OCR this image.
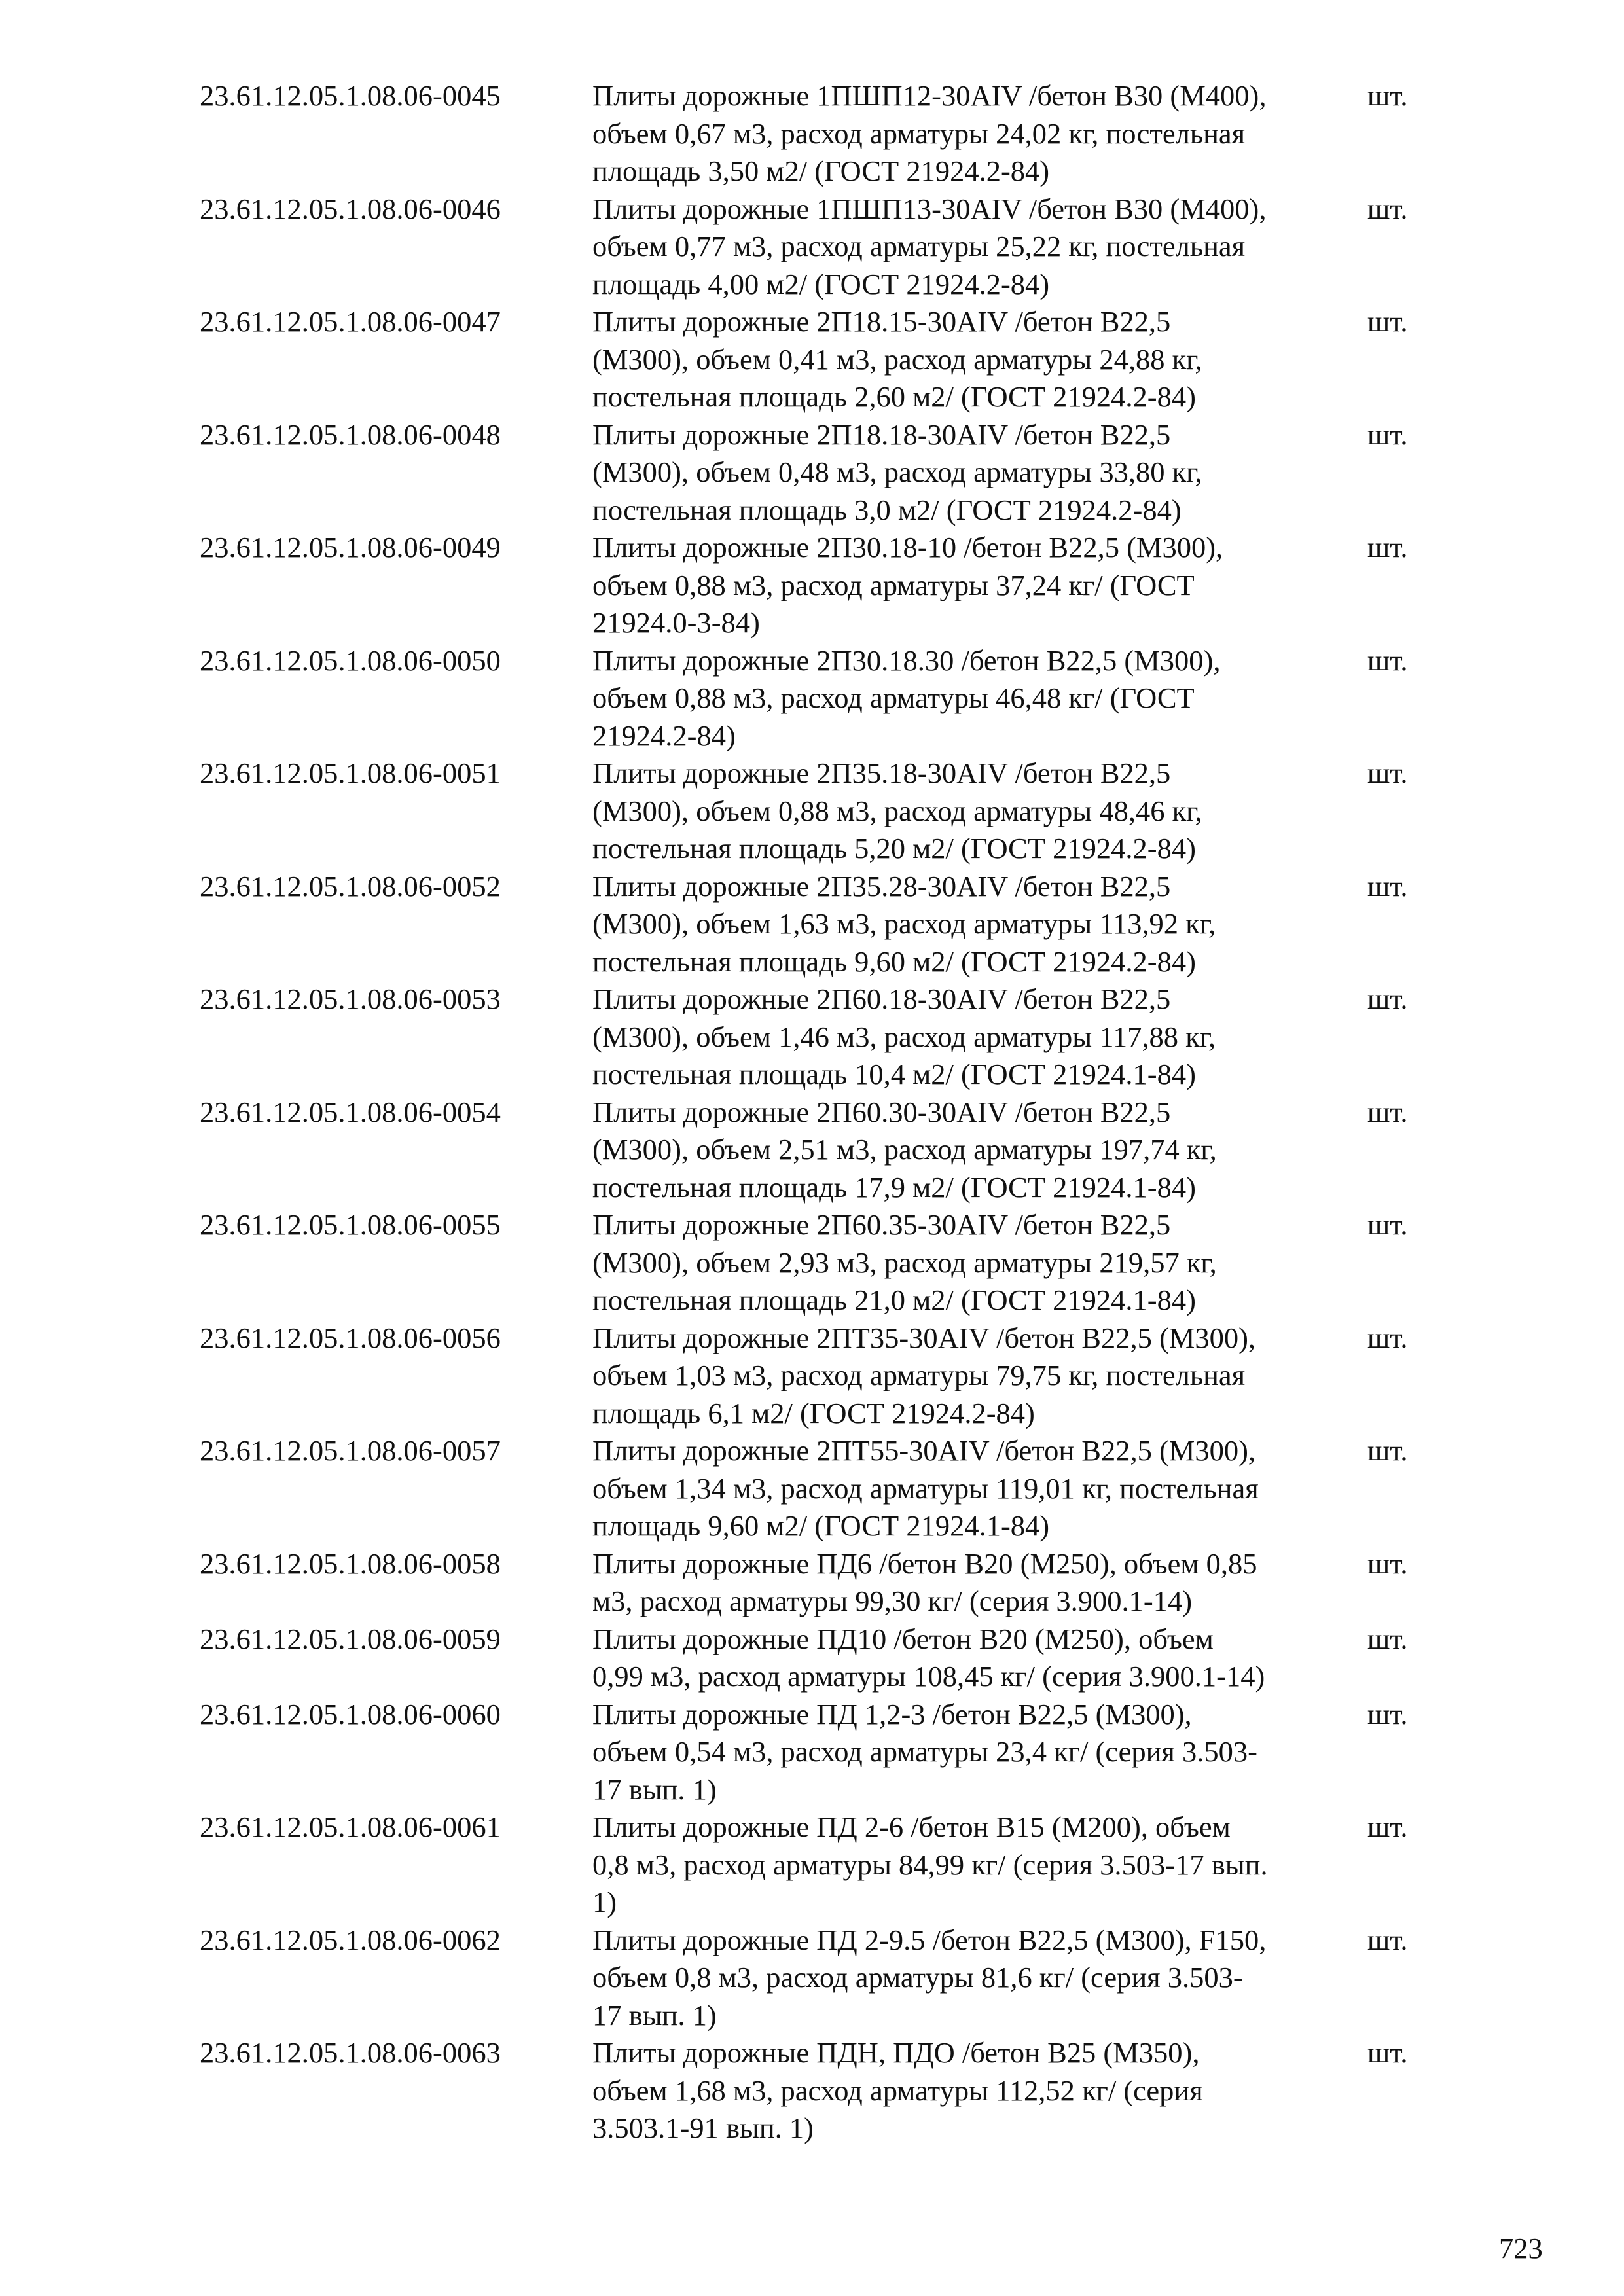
23.61.12.05.1.08.06-0045	Плиты дорожные 1ПШП12-30AIV /бетон B30 (М400),
объем 0,67 м3, расход арматуры 24,02 кг, постельная
площадь 3,50 м2/ (ГОСТ 21924.2-84)
шт.
23.61.12.05.1.08.06-0046	Плиты дорожные 1ПШП13-30AIV /бетон B30 (М400),
объем 0,77 м3, расход арматуры 25,22 кг, постельная
площадь 4,00 м2/ (ГОСТ 21924.2-84)
шт.
23.61.12.05.1.08.06-0047	Плиты дорожные 2П18.15-30AIV /бетон B22,5
(М300), объем 0,41 м3, расход арматуры 24,88 кг,
постельная площадь 2,60 м2/ (ГОСТ 21924.2-84)
шт.
23.61.12.05.1.08.06-0048	Плиты дорожные 2П18.18-30AIV /бетон B22,5
(М300), объем 0,48 м3, расход арматуры 33,80 кг,
постельная площадь 3,0 м2/ (ГОСТ 21924.2-84)
шт.
23.61.12.05.1.08.06-0049	Плиты дорожные 2П30.18-10 /бетон B22,5 (М300),
объем 0,88 м3, расход арматуры 37,24 кг/ (ГОСТ
21924.0-3-84)
шт.
23.61.12.05.1.08.06-0050	Плиты дорожные 2П30.18.30 /бетон B22,5 (М300),
объем 0,88 м3, расход арматуры 46,48 кг/ (ГОСТ
21924.2-84)
шт.
23.61.12.05.1.08.06-0051	Плиты дорожные 2П35.18-30AIV /бетон B22,5
(М300), объем 0,88 м3, расход арматуры 48,46 кг,
постельная площадь 5,20 м2/ (ГОСТ 21924.2-84)
шт.
23.61.12.05.1.08.06-0052	Плиты дорожные 2П35.28-30AIV /бетон B22,5
(М300), объем 1,63 м3, расход арматуры 113,92 кг,
постельная площадь 9,60 м2/ (ГОСТ 21924.2-84)
шт.
23.61.12.05.1.08.06-0053	Плиты дорожные 2П60.18-30AIV /бетон B22,5
(М300), объем 1,46 м3, расход арматуры 117,88 кг,
постельная площадь 10,4 м2/ (ГОСТ 21924.1-84)
шт.
23.61.12.05.1.08.06-0054	Плиты дорожные 2П60.30-30AIV /бетон B22,5
(М300), объем 2,51 м3, расход арматуры 197,74 кг,
постельная площадь 17,9 м2/ (ГОСТ 21924.1-84)
шт.
23.61.12.05.1.08.06-0055	Плиты дорожные 2П60.35-30AIV /бетон B22,5
(М300), объем 2,93 м3, расход арматуры 219,57 кг,
постельная площадь 21,0 м2/ (ГОСТ 21924.1-84)
шт.
23.61.12.05.1.08.06-0056	Плиты дорожные 2ПТ35-30AIV /бетон B22,5 (М300),
объем 1,03 м3, расход арматуры 79,75 кг, постельная
площадь 6,1 м2/ (ГОСТ 21924.2-84)
шт.
23.61.12.05.1.08.06-0057	Плиты дорожные 2ПТ55-30AIV /бетон B22,5 (М300),
объем 1,34 м3, расход арматуры 119,01 кг, постельная
площадь 9,60 м2/ (ГОСТ 21924.1-84)
шт.
23.61.12.05.1.08.06-0058	Плиты дорожные ПД6 /бетон B20 (М250), объем 0,85
м3, расход арматуры 99,30 кг/ (серия 3.900.1-14)
шт.
23.61.12.05.1.08.06-0059	Плиты дорожные ПД10 /бетон B20 (М250), объем
0,99 м3, расход арматуры 108,45 кг/ (серия 3.900.1-14)
шт.
23.61.12.05.1.08.06-0060	Плиты дорожные ПД 1,2-3 /бетон B22,5 (М300),
объем 0,54 м3, расход арматуры 23,4 кг/ (серия 3.503-
17 вып. 1)
шт.
23.61.12.05.1.08.06-0061	Плиты дорожные ПД 2-6 /бетон B15 (М200), объем
0,8 м3, расход арматуры 84,99 кг/ (серия 3.503-17 вып.
1)
шт.
23.61.12.05.1.08.06-0062	Плиты дорожные ПД 2-9.5 /бетон B22,5 (М300), F150,
объем 0,8 м3, расход арматуры 81,6 кг/ (серия 3.503-
17 вып. 1)
шт.
23.61.12.05.1.08.06-0063	Плиты дорожные ПДН, ПДО /бетон B25 (М350),
объем 1,68 м3, расход арматуры 112,52 кг/ (серия
3.503.1-91 вып. 1)
шт.
723
